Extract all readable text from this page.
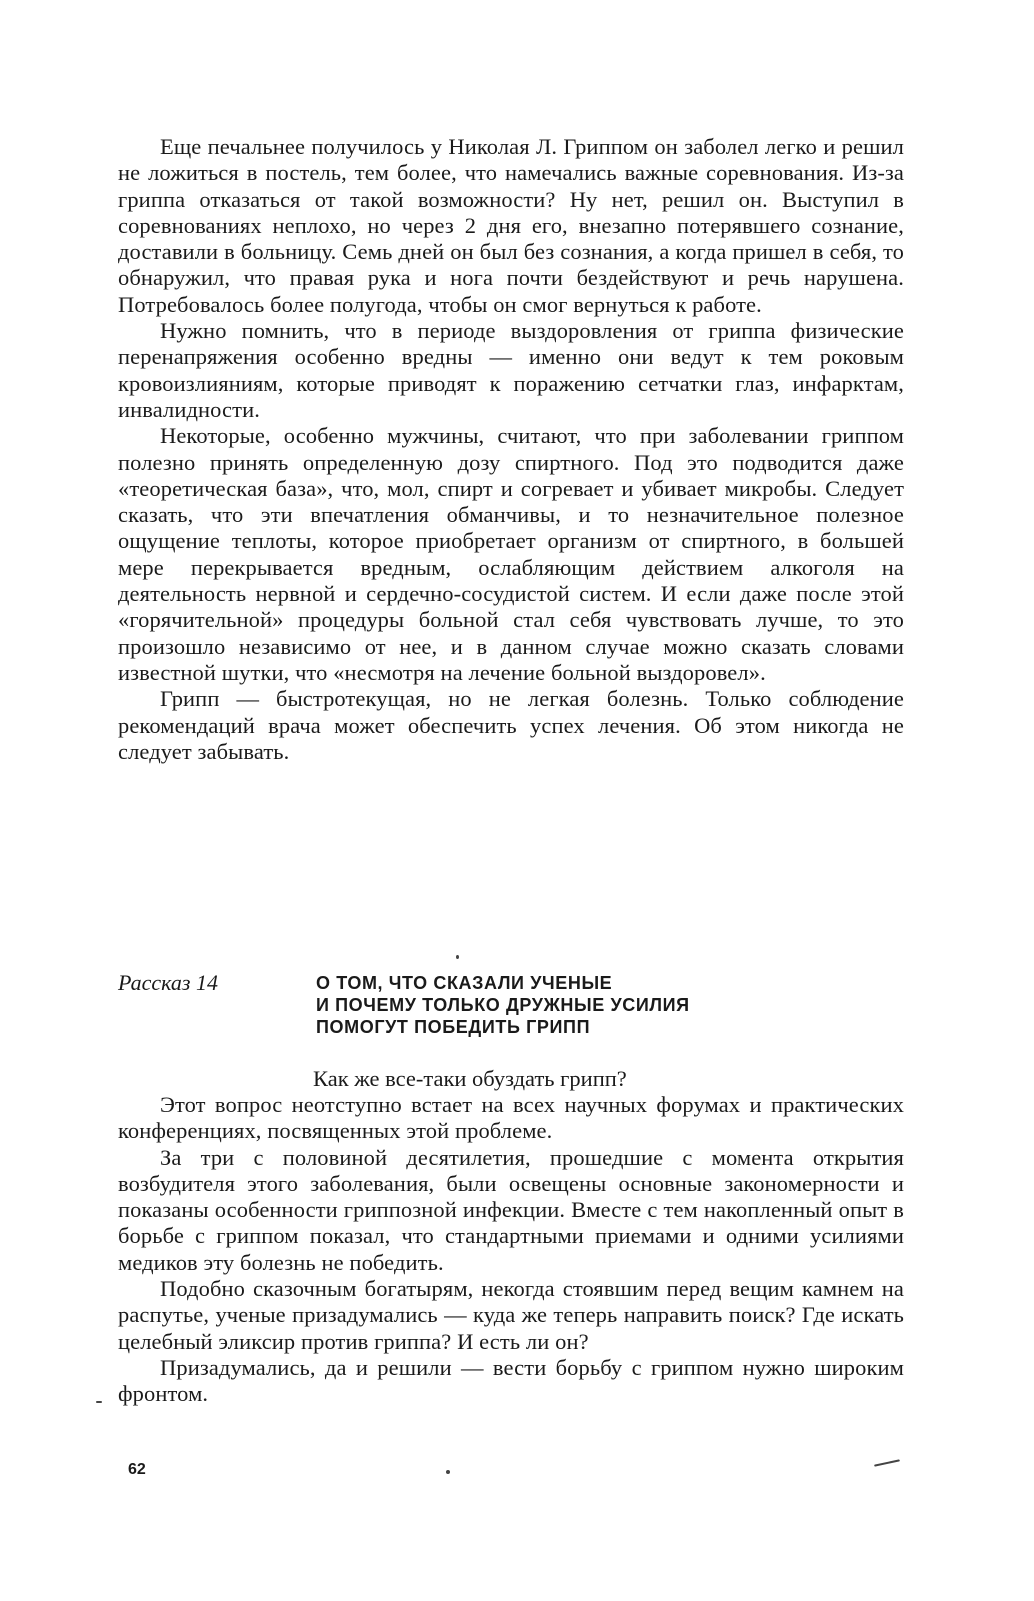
Еще печальнее получилось у Николая Л. Гриппом он заболел легко и решил не ложиться в постель, тем более, что намечались важные соревнования. Из-за гриппа отказаться от такой возможности? Ну нет, решил он. Выступил в соревнованиях неплохо, но через 2 дня его, внезапно потерявшего сознание, доставили в больницу. Семь дней он был без сознания, а когда пришел в себя, то обнаружил, что правая рука и нога почти бездействуют и речь нарушена. Потребовалось более полугода, чтобы он смог вернуться к работе.

Нужно помнить, что в периоде выздоровления от гриппа физические перенапряжения особенно вредны — именно они ведут к тем роковым кровоизлияниям, которые приводят к поражению сетчатки глаз, инфарктам, инвалидности.

Некоторые, особенно мужчины, считают, что при заболевании гриппом полезно принять определенную дозу спиртного. Под это подводится даже «теоретическая база», что, мол, спирт и согревает и убивает микробы. Следует сказать, что эти впечатления обманчивы, и то незначительное полезное ощущение теплоты, которое приобретает организм от спиртного, в большей мере перекрывается вредным, ослабляющим действием алкоголя на деятельность нервной и сердечно-сосудистой систем. И если даже после этой «горячительной» процедуры больной стал себя чувствовать лучше, то это произошло независимо от нее, и в данном случае можно сказать словами известной шутки, что «несмотря на лечение больной выздоровел».

Грипп — быстротекущая, но не легкая болезнь. Только соблюдение рекомендаций врача может обеспечить успех лечения. Об этом никогда не следует забывать.

Рассказ 14	О ТОМ, ЧТО СКАЗАЛИ УЧЕНЫЕ
И ПОЧЕМУ ТОЛЬКО ДРУЖНЫЕ УСИЛИЯ
ПОМОГУТ ПОБЕДИТЬ ГРИПП
Как же все-таки обуздать грипп?

Этот вопрос неотступно встает на всех научных форумах и практических конференциях, посвященных этой проблеме.

За три с половиной десятилетия, прошедшие с момента открытия возбудителя этого заболевания, были освещены основные закономерности и показаны особенности гриппозной инфекции. Вместе с тем накопленный опыт в борьбе с гриппом показал, что стандартными приемами и одними усилиями медиков эту болезнь не победить.

Подобно сказочным богатырям, некогда стоявшим перед вещим камнем на распутье, ученые призадумались — куда же теперь направить поиск? Где искать целебный эликсир против гриппа? И есть ли он?

Призадумались, да и решили — вести борьбу с гриппом нужно широким фронтом.

62
